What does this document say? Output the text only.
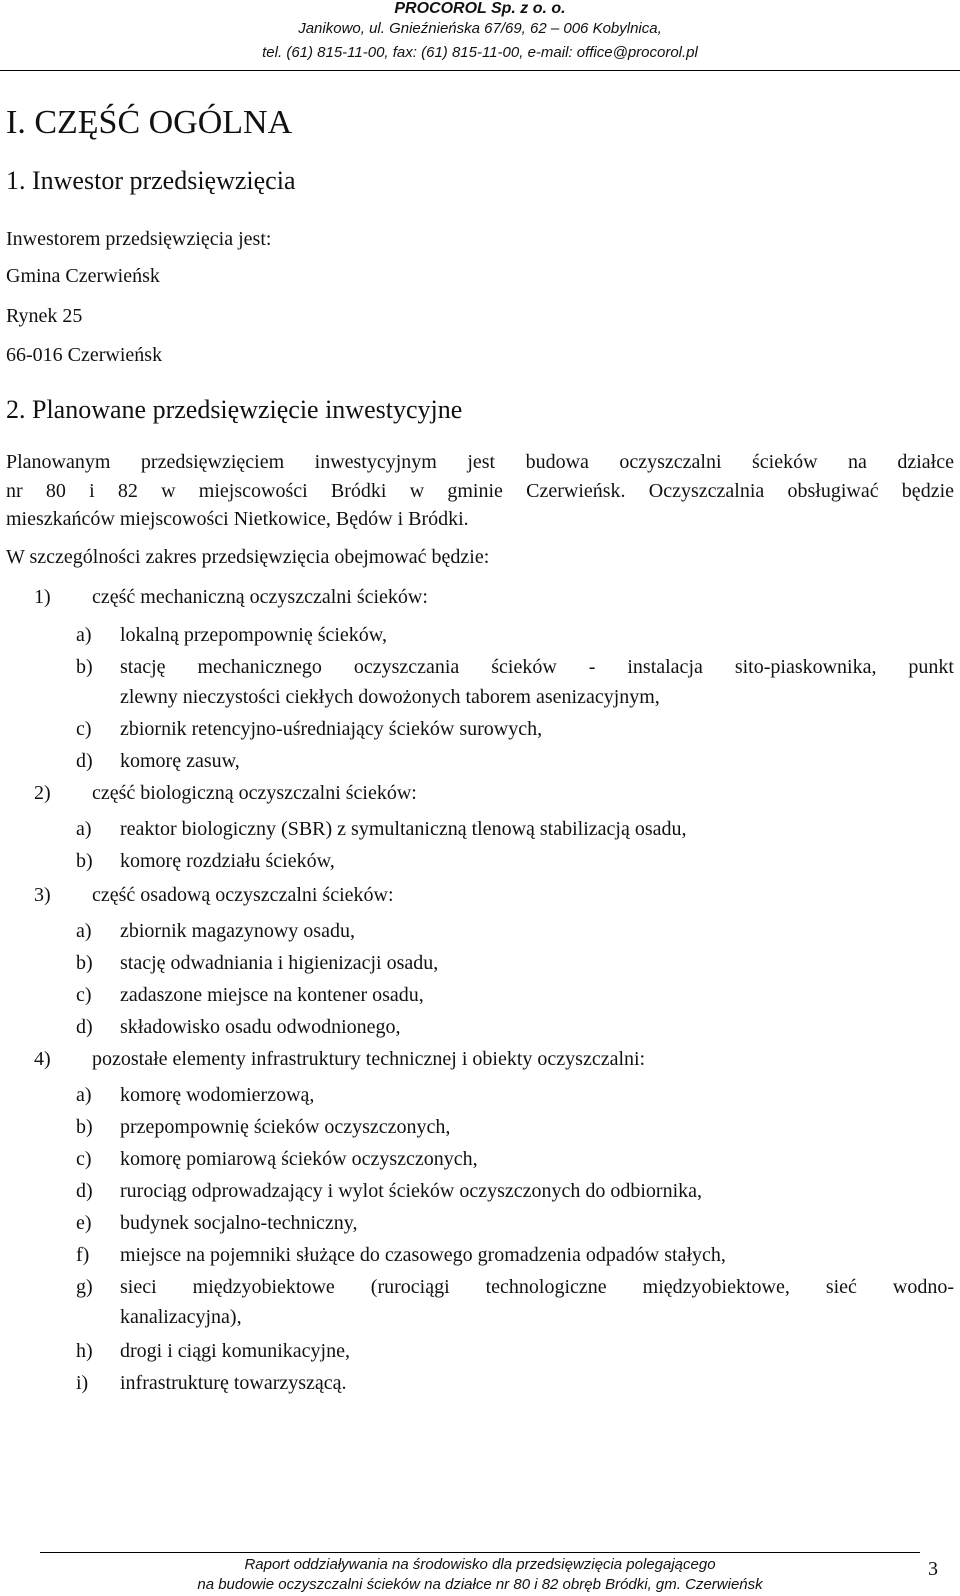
PROCOROL Sp. z o. o.
Janikowo, ul. Gnieźnieńska 67/69, 62 – 006 Kobylnica,
tel. (61) 815-11-00, fax: (61) 815-11-00, e-mail: office@procorol.pl
I. CZĘŚĆ OGÓLNA
1. Inwestor przedsięwzięcia
Inwestorem przedsięwzięcia jest:
Gmina Czerwieńsk
Rynek 25
66-016 Czerwieńsk
2. Planowane przedsięwzięcie inwestycyjne
Planowanym przedsięwzięciem inwestycyjnym jest budowa oczyszczalni ścieków na działce
nr 80 i 82 w miejscowości Bródki w gminie Czerwieńsk. Oczyszczalnia obsługiwać będzie
mieszkańców miejscowości Nietkowice, Będów i Bródki.
W szczególności zakres przedsięwzięcia obejmować będzie:
1) część mechaniczną oczyszczalni ścieków:
a) lokalną przepompownię ścieków,
b) stację mechanicznego oczyszczania ścieków - instalacja sito-piaskownika, punkt
zlewny nieczystości ciekłych dowożonych taborem asenizacyjnym,
c) zbiornik retencyjno-uśredniający ścieków surowych,
d) komorę zasuw,
2) część biologiczną oczyszczalni ścieków:
a) reaktor biologiczny (SBR) z symultaniczną tlenową stabilizacją osadu,
b) komorę rozdziału ścieków,
3) część osadową oczyszczalni ścieków:
a) zbiornik magazynowy osadu,
b) stację odwadniania i higienizacji osadu,
c) zadaszone miejsce na kontener osadu,
d) składowisko osadu odwodnionego,
4) pozostałe elementy infrastruktury technicznej i obiekty oczyszczalni:
a) komorę wodomierzową,
b) przepompownię ścieków oczyszczonych,
c) komorę pomiarową ścieków oczyszczonych,
d) rurociąg odprowadzający i wylot ścieków oczyszczonych do odbiornika,
e) budynek socjalno-techniczny,
f) miejsce na pojemniki służące do czasowego gromadzenia odpadów stałych,
g) sieci międzyobiektowe (rurociągi technologiczne międzyobiektowe, sieć wodno-
kanalizacyjna),
h) drogi i ciągi komunikacyjne,
i) infrastrukturę towarzyszącą.
Raport oddziaływania na środowisko dla przedsięwzięcia polegającego
na budowie oczyszczalni ścieków na działce nr 80 i 82 obręb Bródki, gm. Czerwieńsk
3
